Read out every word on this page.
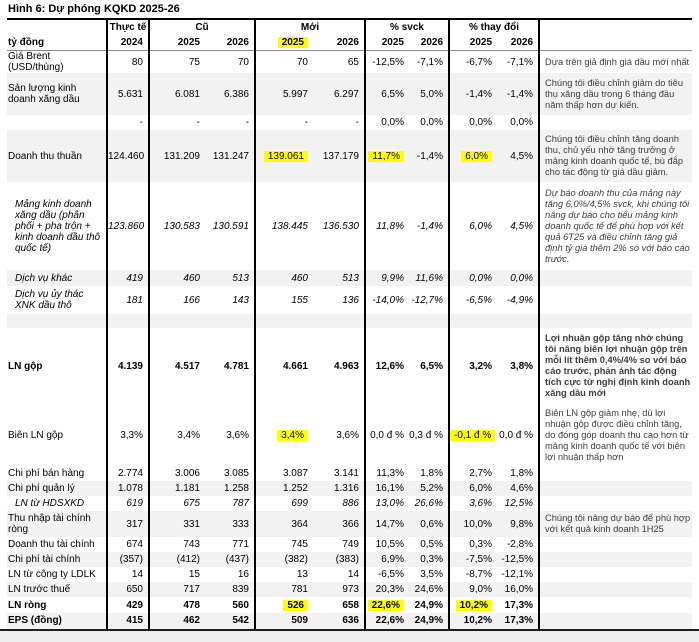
Hình 6: Dự phóng KQKD 2025-26
	Thực tế	Cũ		Mới		% svck		% thay đổi		
tỷ đồng	2024	2025	2026	2025	2026	2025	2026	2025	2026	
Giá Brent (USD/thùng)	80	75	70	70	65	-12,5%	-7,1%	-6,7%	-7,1%	Dựa trên giả định giá dầu mới nhất
Sản lượng kinh doanh xăng dầu	5.631	6.081	6.386	5.997	6.297	6,5%	5,0%	-1,4%	-1,4%	Chúng tôi điều chỉnh giảm do tiêu thụ xăng dầu trong 6 tháng đầu năm thấp hơn dự kiến.
	-	-	-	-	-	0,0%	0,0%	0,0%	0,0%	
Doanh thu thuần	124.460	131.209	131.247	139.061	137.179	11,7%	-1,4%	6,0%	4,5%	Chúng tôi điều chỉnh tăng doanh thu, chủ yếu nhờ tăng trưởng ở mảng kinh doanh quốc tế, bù đắp cho tác động từ giá dầu giảm.
Mảng kinh doanh xăng dầu (phân phối + pha trộn + kinh doanh dầu thô quốc tế)	123.860	130.583	130.591	138.445	136.530	11,8%	-1,4%	6,0%	4,5%	Dự báo doanh thu của mảng này tăng 6,0%/4,5% svck, khi chúng tôi nâng dự báo cho tiểu mảng kinh doanh quốc tế để phù hợp với kết quả 6T25 và điều chỉnh tăng giả định tỷ giá thêm 2% so với báo cáo trước.
Dịch vụ khác	419	460	513	460	513	9,9%	11,6%	0,0%	0,0%	
Dịch vụ ủy thác XNK dầu thô	181	166	143	155	136	-14,0%	-12,7%	-6,5%	-4,9%	

LN gộp	4.139	4.517	4.781	4.661	4.963	12,6%	6,5%	3,2%	3,8%	Lợi nhuận gộp tăng nhờ chúng tôi nâng biên lợi nhuận gộp trên mỗi lít thêm 0,4%/4% so với báo cáo trước, phản ánh tác động tích cực từ nghị định kinh doanh xăng dầu mới
Biên LN gộp	3,3%	3,4%	3,6%	3,4%	3,6%	0,0 đ %	0,3 đ %	-0,1 đ %	0,0 đ %	Biên LN gộp giảm nhẹ, dù lợi nhuận gộp được điều chỉnh tăng, do đóng góp doanh thu cao hơn từ mảng kinh doanh quốc tế với biên lợi nhuận thấp hơn
Chi phí bán hàng	2.774	3.006	3.085	3.087	3.141	11,3%	1,8%	2,7%	1,8%	
Chi phí quản lý	1.078	1.181	1.258	1.252	1.316	16,1%	5,2%	6,0%	4,6%	
LN từ HDSXKD	619	675	787	699	886	13,0%	26,6%	3,6%	12,5%	
Thu nhập tài chính ròng	317	331	333	364	366	14,7%	0,6%	10,0%	9,8%	Chúng tôi nâng dự báo để phù hợp với kết quả kinh doanh 1H25
Doanh thu tài chính	674	743	771	745	749	10,5%	0,5%	0,3%	-2,8%	
Chi phí tài chính	(357)	(412)	(437)	(382)	(383)	6,9%	0,3%	-7,5%	-12,5%	
LN từ công ty LDLK	14	15	16	13	14	-6,5%	3,5%	-8,7%	-12,1%	
LN trước thuế	650	717	839	781	973	20,3%	24,6%	9,0%	16,0%	
LN ròng	429	478	560	526	658	22,6%	24,9%	10,2%	17,3%	
EPS (đồng)	415	462	542	509	636	22,6%	24,9%	10,2%	17,3%	
